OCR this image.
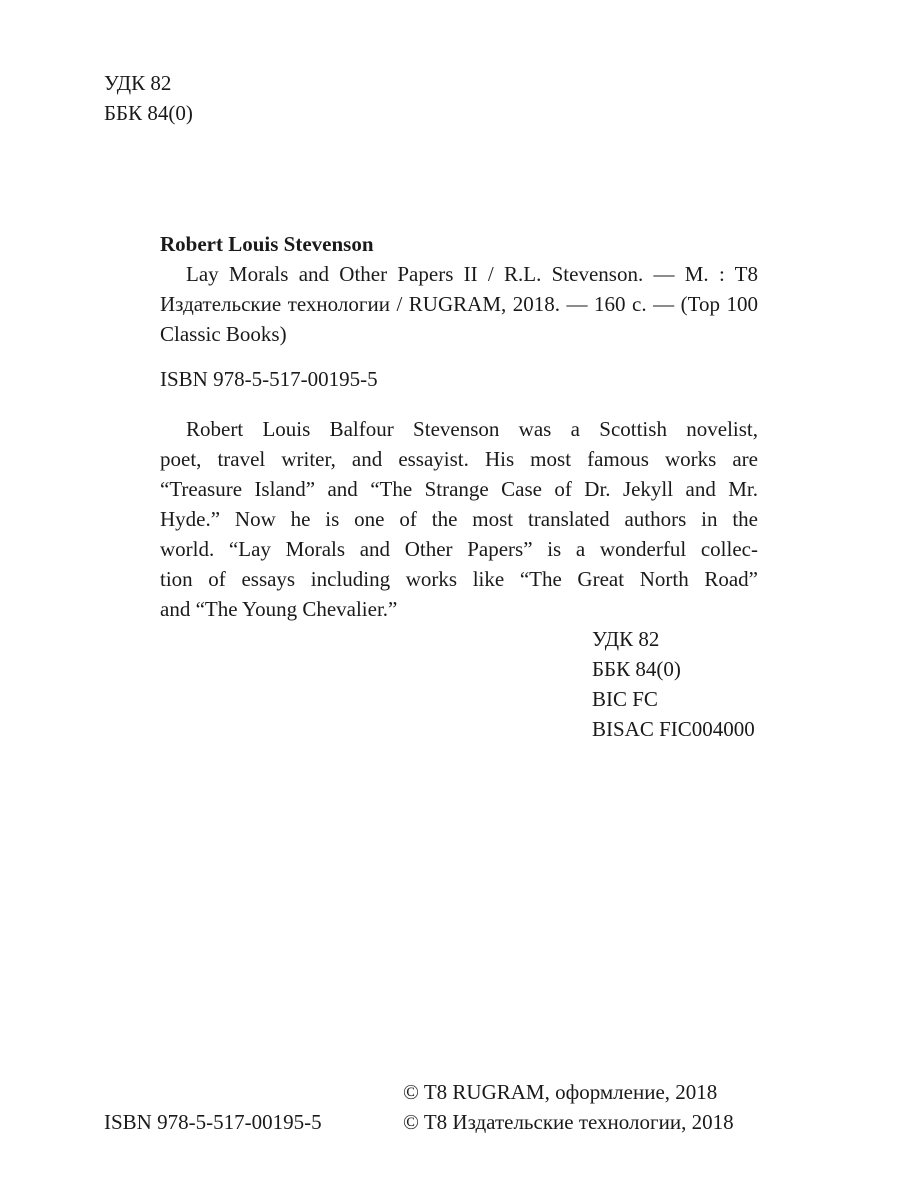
УДК 82
ББК 84(0)
Robert Louis Stevenson
Lay Morals and Other Papers II / R.L. Stevenson. — M. : T8
Издательские технологии / RUGRAM, 2018. — 160 с. — (Top 100
Classic Books)
ISBN 978-5-517-00195-5
Robert Louis Balfour Stevenson was a Scottish novelist,
poet, travel writer, and essayist. His most famous works are
“Treasure Island” and “The Strange Case of Dr. Jekyll and Mr.
Hyde.” Now he is one of the most translated authors in the
world. “Lay Morals and Other Papers” is a wonderful collec-
tion of essays including works like “The Great North Road”
and “The Young Chevalier.”
УДК 82
ББК 84(0)
BIC FC
BISAC FIC004000
ISBN 978-5-517-00195-5
© T8 RUGRAM, оформление, 2018
© T8 Издательские технологии, 2018
